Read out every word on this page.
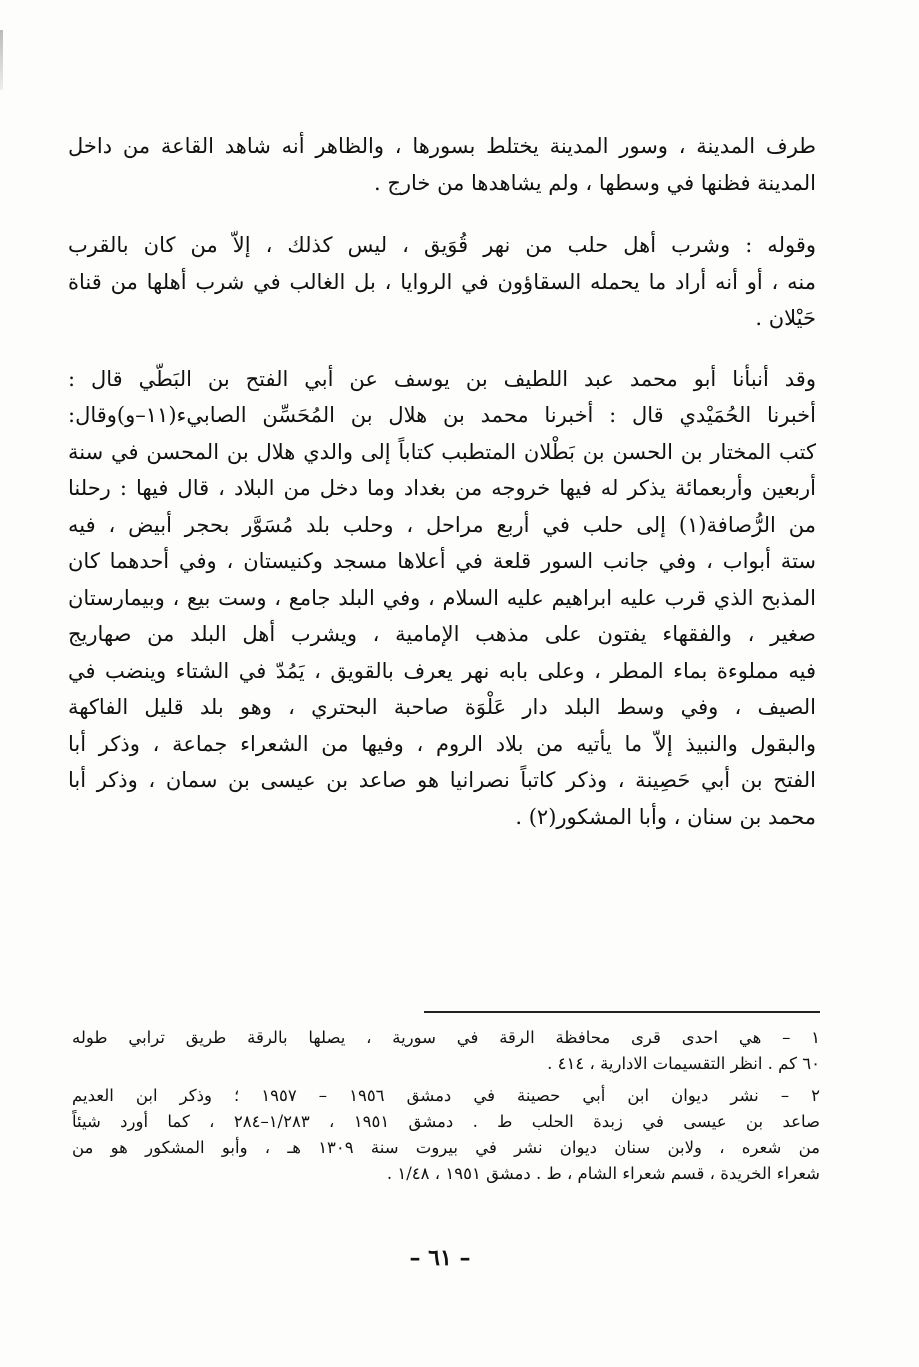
طرف المدينة ، وسور المدينة يختلط بسورها ، والظاهر أنه شاهد القاعة من داخل
المدينة فظنها في وسطها ، ولم يشاهدها من خارج .
وقوله : وشرب أهل حلب من نهر قُوَيق ، ليس كذلك ، إلاّ من كان بالقرب
منه ، أو أنه أراد ما يحمله السقاؤون في الروايا ، بل الغالب في شرب أهلها من قناة
حَيْلان .
وقد أنبأنا أبو محمد عبد اللطيف بن يوسف عن أبي الفتح بن البَطّي قال :
أخبرنا الحُمَيْدي قال : أخبرنا محمد بن هلال بن المُحَسِّن الصابيء(١١–و)وقال:
كتب المختار بن الحسن بن بَطْلان المتطبب كتاباً إلى والدي هلال بن المحسن في سنة
أربعين وأربعمائة يذكر له فيها خروجه من بغداد وما دخل من البلاد ، قال فيها : رحلنا
من الرُّصافة(١) إلى حلب في أربع مراحل ، وحلب بلد مُسَوَّر بحجر أبيض ، فيه
ستة أبواب ، وفي جانب السور قلعة في أعلاها مسجد وكنيستان ، وفي أحدهما كان
المذبح الذي قرب عليه ابراهيم عليه السلام ، وفي البلد جامع ، وست بيع ، وبيمارستان
صغير ، والفقهاء يفتون على مذهب الإمامية ، ويشرب أهل البلد من صهاريج
فيه مملوءة بماء المطر ، وعلى بابه نهر يعرف بالقويق ، يَمُدّ في الشتاء وينضب في
الصيف ، وفي وسط البلد دار عَلْوَة صاحبة البحتري ، وهو بلد قليل الفاكهة
والبقول والنبيذ إلاّ ما يأتيه من بلاد الروم ، وفيها من الشعراء جماعة ، وذكر أبا
الفتح بن أبي حَصِينة ، وذكر كاتباً نصرانيا هو صاعد بن عيسى بن سمان ، وذكر أبا
محمد بن سنان ، وأبا المشكور(٢) .
١ – هي احدى قرى محافظة الرقة في سورية ، يصلها بالرقة طريق ترابي طوله
٦٠ كم . انظر التقسيمات الادارية ، ٤١٤ .
٢ – نشر ديوان ابن أبي حصينة في دمشق ١٩٥٦ – ١٩٥٧ ؛ وذكر ابن العديم
صاعد بن عيسى في زبدة الحلب ط . دمشق ١٩٥١ ، ١/٢٨٣–٢٨٤ ، كما أورد شيئاً
من شعره ، ولابن سنان ديوان نشر في بيروت سنة ١٣٠٩ هـ ، وأبو المشكور هو من
شعراء الخريدة ، قسم شعراء الشام ، ط . دمشق ١٩٥١ ، ١/٤٨ .
– ٦١ –
